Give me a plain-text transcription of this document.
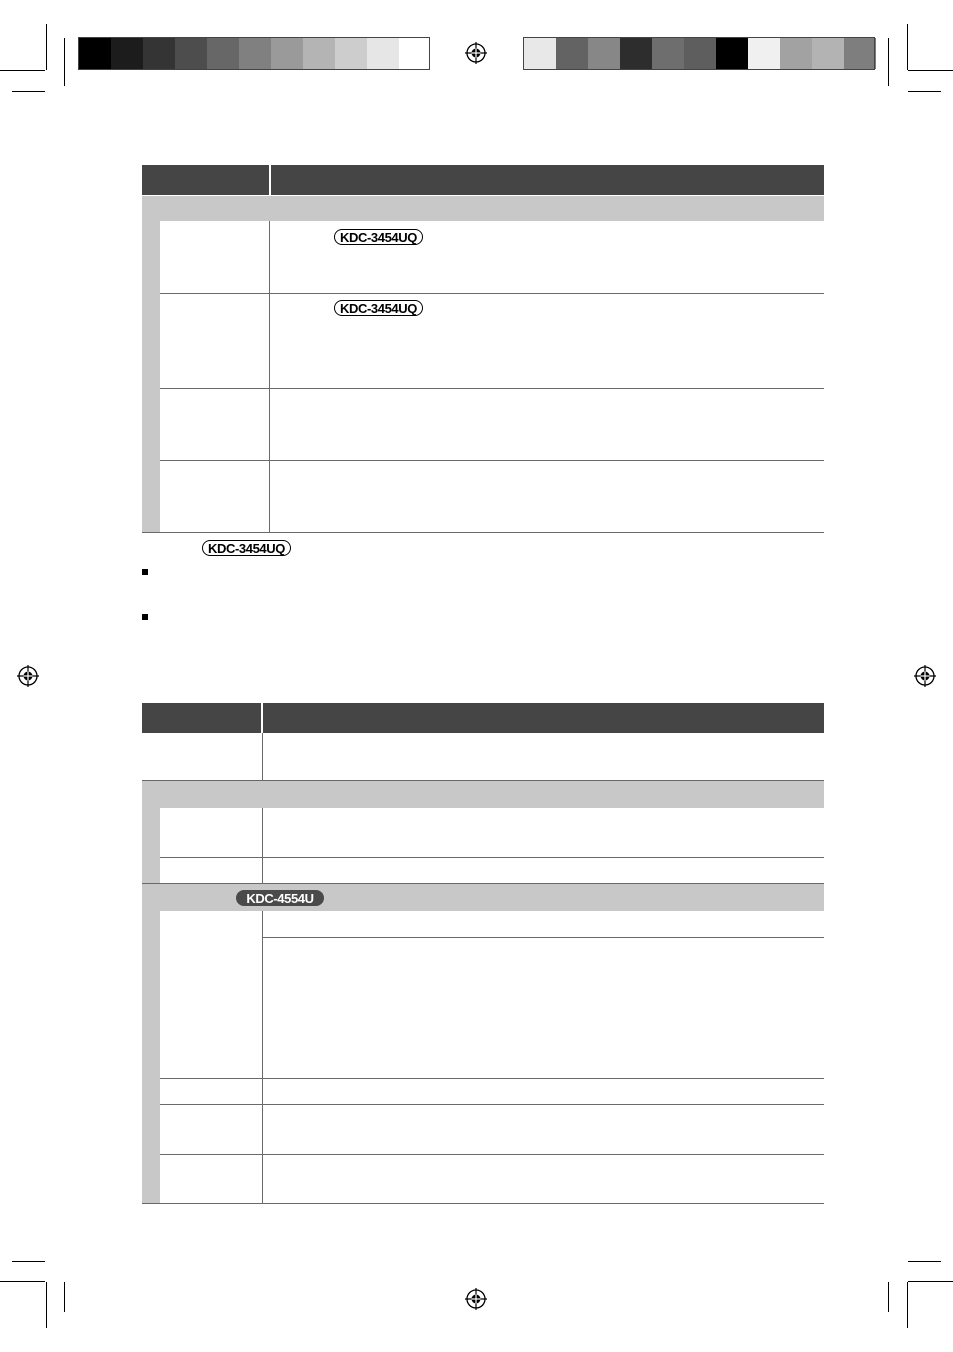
KDC-3454UQ
KDC-3454UQ
KDC-3454UQ
KDC-4554U
